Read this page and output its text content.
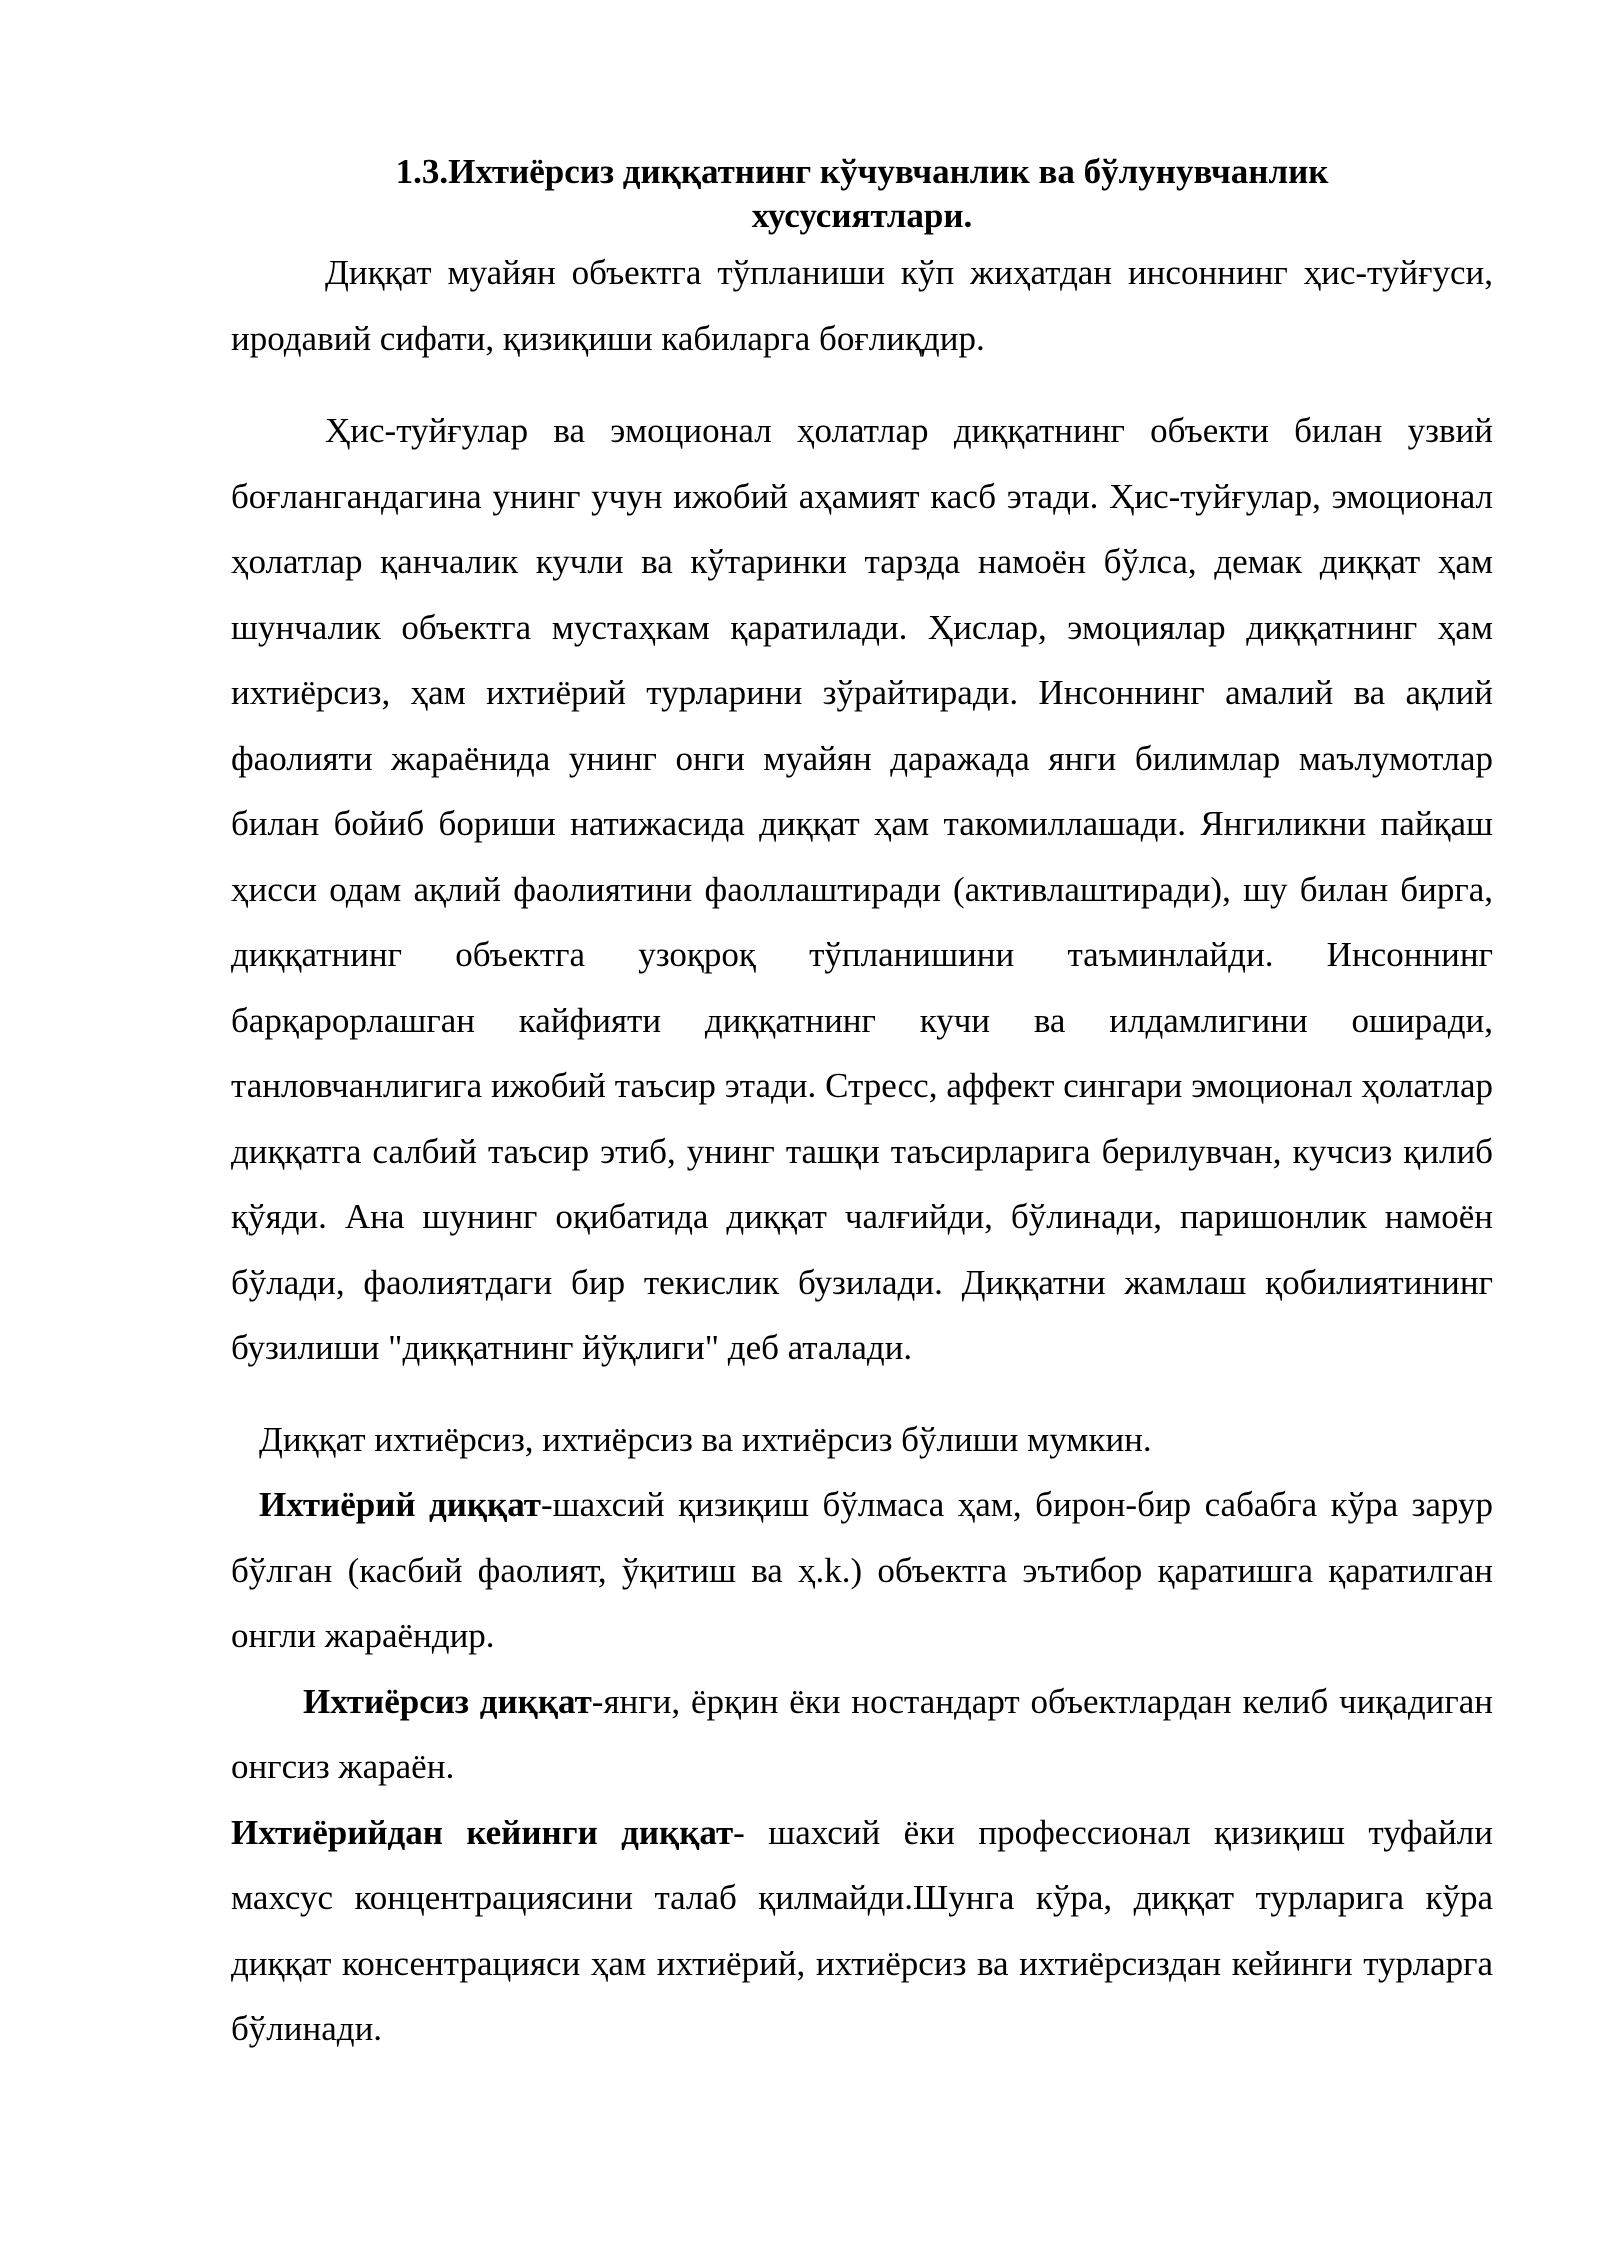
1.3.Ихтиёрсиз диққатнинг кўчувчанлик ва бўлунувчанлик
хусусиятлари.

Диққат муайян объектга тўпланиши кўп жиҳатдан инсоннинг ҳис-туйғуси, иродавий сифати, қизиқиши кабиларга боғлиқдир.

Ҳис-туйғулар ва эмоционал ҳолатлар диққатнинг объекти билан узвий боғлангандагина унинг учун ижобий аҳамият касб этади. Ҳис-туйғулар, эмоционал ҳолатлар қанчалик кучли ва кўтаринки тарзда намоён бўлса, демак диққат ҳам шунчалик объектга мустаҳкам қаратилади. Ҳислар, эмоциялар диққатнинг ҳам ихтиёрсиз, ҳам ихтиёрий турларини зўрайтиради. Инсоннинг амалий ва ақлий фаолияти жараёнида унинг онги муайян даражада янги билимлар маълумотлар билан бойиб бориши натижасида диққат ҳам такомиллашади. Янгиликни пайқаш ҳисси одам ақлий фаолиятини фаоллаштиради (активлаштиради), шу билан бирга, диққатнинг объектга узоқроқ тўпланишини таъминлайди. Инсоннинг барқарорлашган кайфияти диққатнинг кучи ва илдамлигини оширади, танловчанлигига ижобий таъсир этади. Стресс, аффект сингари эмоционал ҳолатлар диққатга салбий таъсир этиб, унинг ташқи таъсирларига берилувчан, кучсиз қилиб қўяди. Ана шунинг оқибатида диққат чалғийди, бўлинади, паришонлик намоён бўлади, фаолиятдаги бир текислик бузилади. Диққатни жамлаш қобилиятининг бузилиши "диққатнинг йўқлиги" деб аталади.

Диққат ихтиёрсиз, ихтиёрсиз ва ихтиёрсиз бўлиши мумкин.

Ихтиёрий диққат-шахсий қизиқиш бўлмаса ҳам, бирон-бир сабабга кўра зарур бўлган (касбий фаолият, ўқитиш ва ҳ.k.) объектга эътибор қаратишга қаратилган онгли жараёндир.

Ихтиёрсиз диққат-янги, ёрқин ёки ностандарт объектлардан келиб чиқадиган онгсиз жараён.

Ихтиёрийдан кейинги диққат- шахсий ёки профессионал қизиқиш туфайли махсус концентрациясини талаб қилмайди.Шунга кўра, диққат турларига кўра диққат консентрацияси ҳам ихтиёрий, ихтиёрсиз ва ихтиёрсиздан кейинги турларга бўлинади.
